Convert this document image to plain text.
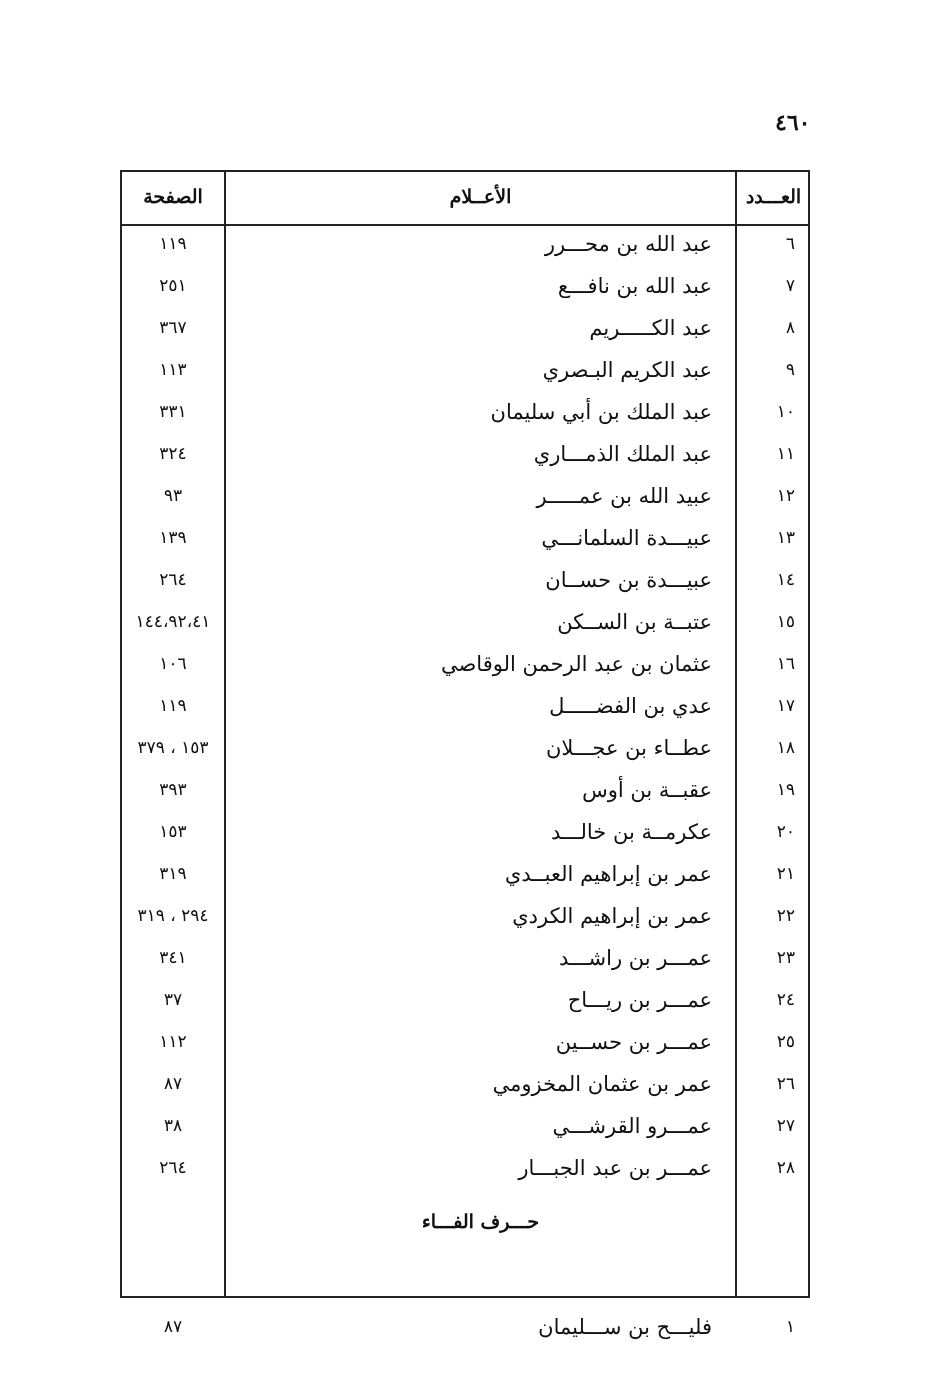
٤٦٠
الصفحة	الأعــلام	العـــدد
٦
عبد الله بن محـــرر
١١٩
٧
عبد الله بن نافـــع
٢٥١
٨
عبد الكـــــريم
٣٦٧
٩
عبد الكريم البـصري
١١٣
١٠
عبد الملك بن أبي سليمان
٣٣١
١١
عبد الملك الذمـــاري
٣٢٤
١٢
عبيد الله بن عمـــــر
٩٣
١٣
عبيـــدة السلمانـــي
١٣٩
١٤
عبيـــدة بن حســان
٢٦٤
١٥
عتبــة بن الســكن
١٤٤،٩٢،٤١
١٦
عثمان بن عبد الرحمن الوقاصي
١٠٦
١٧
عدي بن الفضـــــل
١١٩
١٨
عطــاء بن عجـــلان
١٥٣ ، ٣٧٩
١٩
عقبــة بن أوس
٣٩٣
٢٠
عكرمــة بن خالـــد
١٥٣
٢١
عمر بن إبراهيم العبــدي
٣١٩
٢٢
عمر بن إبراهيم الكردي
٢٩٤ ، ٣١٩
٢٣
عمـــر بن راشـــد
٣٤١
٢٤
عمـــر بن ريـــاح
٣٧
٢٥
عمـــر بن حســين
١١٢
٢٦
عمر بن عثمان المخزومي
٨٧
٢٧
عمـــرو القرشـــي
٣٨
٢٨
عمـــر بن عبد الجبـــار
٢٦٤
١
فليـــح بن ســـليمان
٨٧
حـــرف الفـــاء
